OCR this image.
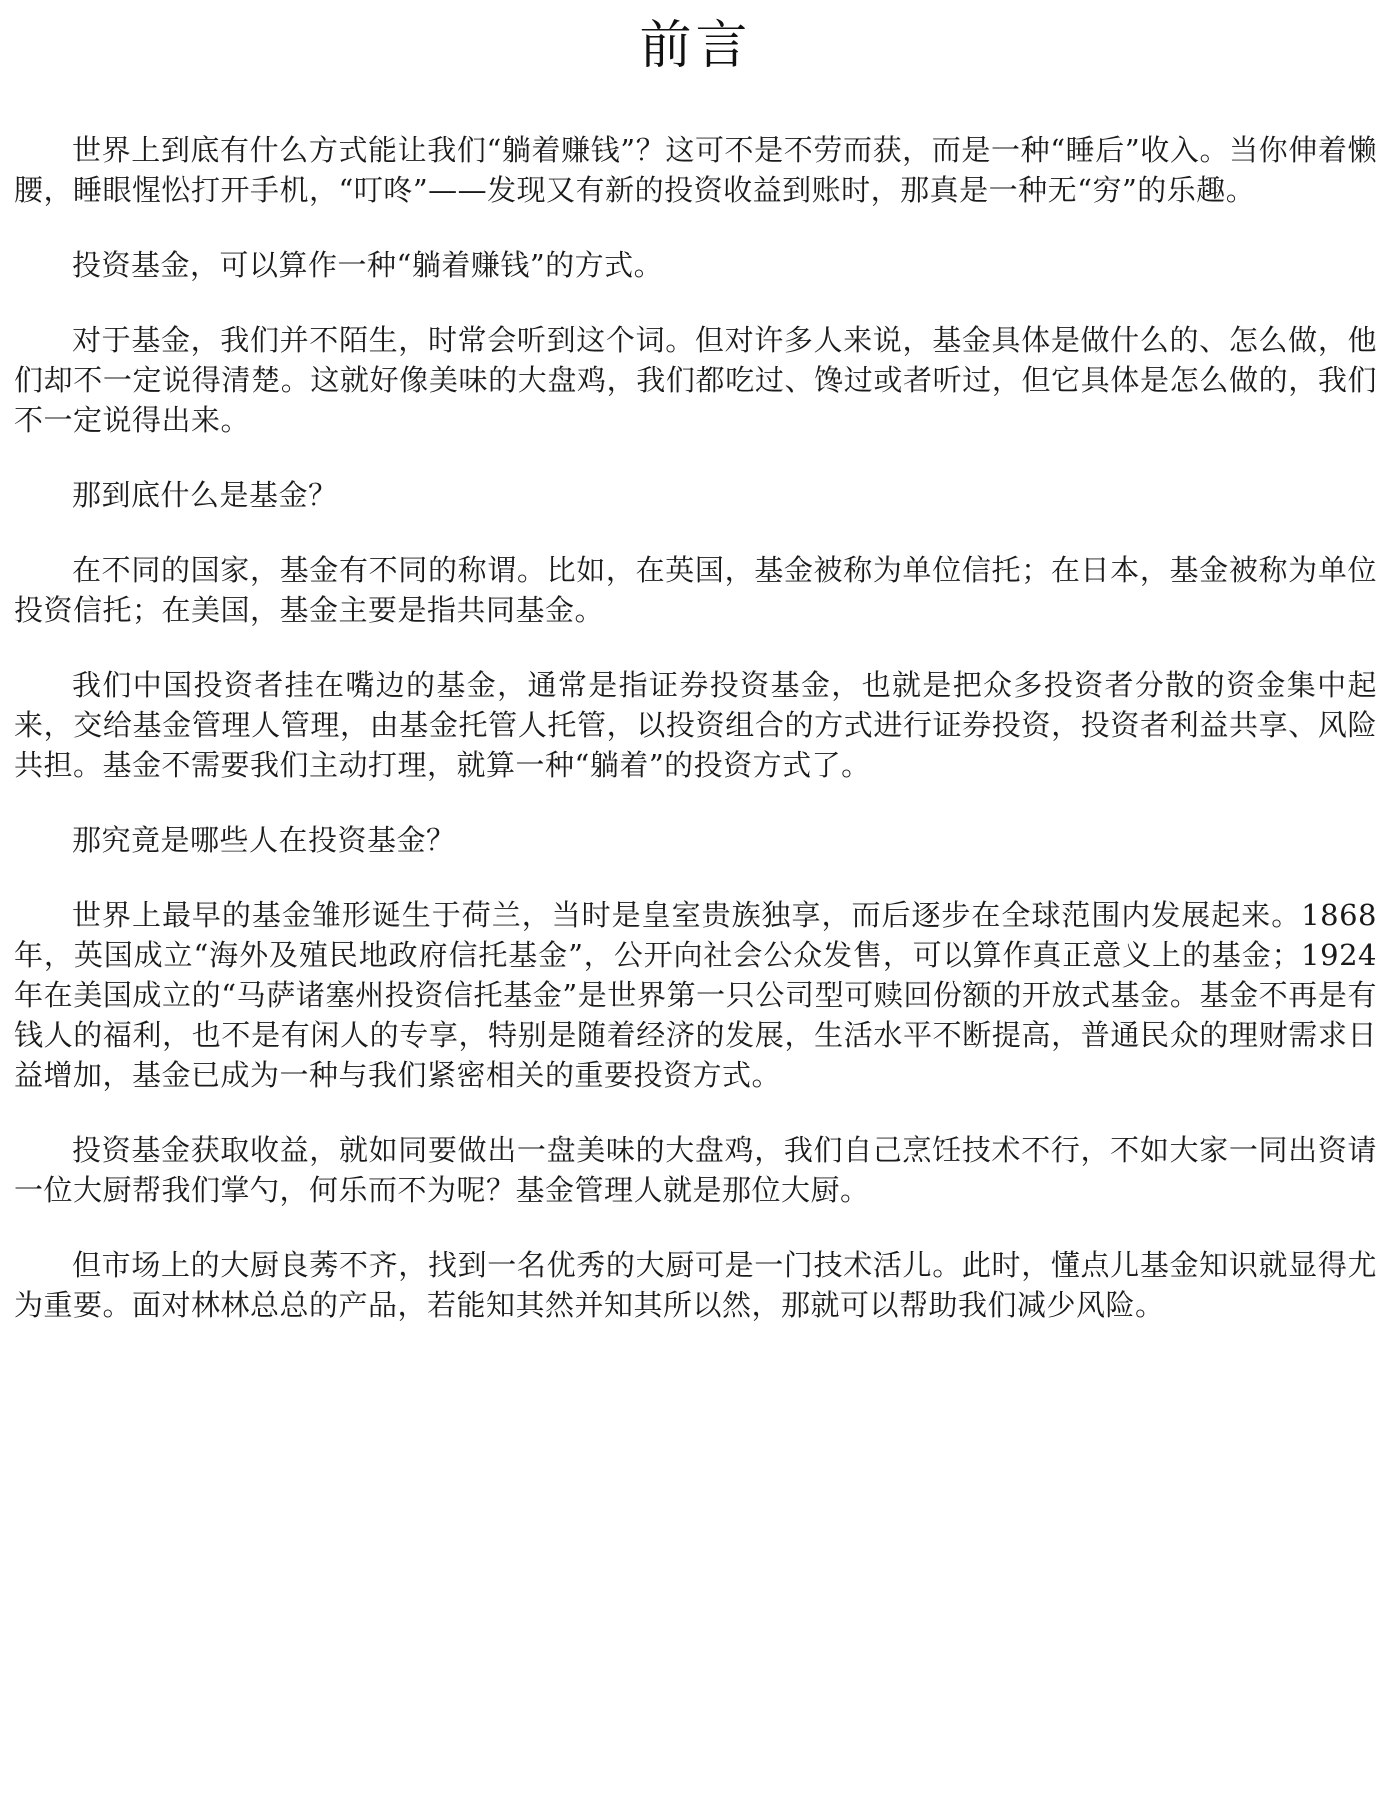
前言

世界上到底有什么方式能让我们“躺着赚钱”？这可不是不劳而获，而是一种“睡后”收入。当你伸着懒腰，睡眼惺忪打开手机，“叮咚”——发现又有新的投资收益到账时，那真是一种无“穷”的乐趣。

投资基金，可以算作一种“躺着赚钱”的方式。

对于基金，我们并不陌生，时常会听到这个词。但对许多人来说，基金具体是做什么的、怎么做，他们却不一定说得清楚。这就好像美味的大盘鸡，我们都吃过、馋过或者听过，但它具体是怎么做的，我们不一定说得出来。

那到底什么是基金？

在不同的国家，基金有不同的称谓。比如，在英国，基金被称为单位信托；在日本，基金被称为单位投资信托；在美国，基金主要是指共同基金。

我们中国投资者挂在嘴边的基金，通常是指证券投资基金，也就是把众多投资者分散的资金集中起来，交给基金管理人管理，由基金托管人托管，以投资组合的方式进行证券投资，投资者利益共享、风险共担。基金不需要我们主动打理，就算一种“躺着”的投资方式了。

那究竟是哪些人在投资基金？

世界上最早的基金雏形诞生于荷兰，当时是皇室贵族独享，而后逐步在全球范围内发展起来。1868年，英国成立“海外及殖民地政府信托基金”，公开向社会公众发售，可以算作真正意义上的基金；1924年在美国成立的“马萨诸塞州投资信托基金”是世界第一只公司型可赎回份额的开放式基金。基金不再是有钱人的福利，也不是有闲人的专享，特别是随着经济的发展，生活水平不断提高，普通民众的理财需求日益增加，基金已成为一种与我们紧密相关的重要投资方式。

投资基金获取收益，就如同要做出一盘美味的大盘鸡，我们自己烹饪技术不行，不如大家一同出资请一位大厨帮我们掌勺，何乐而不为呢？基金管理人就是那位大厨。

但市场上的大厨良莠不齐，找到一名优秀的大厨可是一门技术活儿。此时，懂点儿基金知识就显得尤为重要。面对林林总总的产品，若能知其然并知其所以然，那就可以帮助我们减少风险。
